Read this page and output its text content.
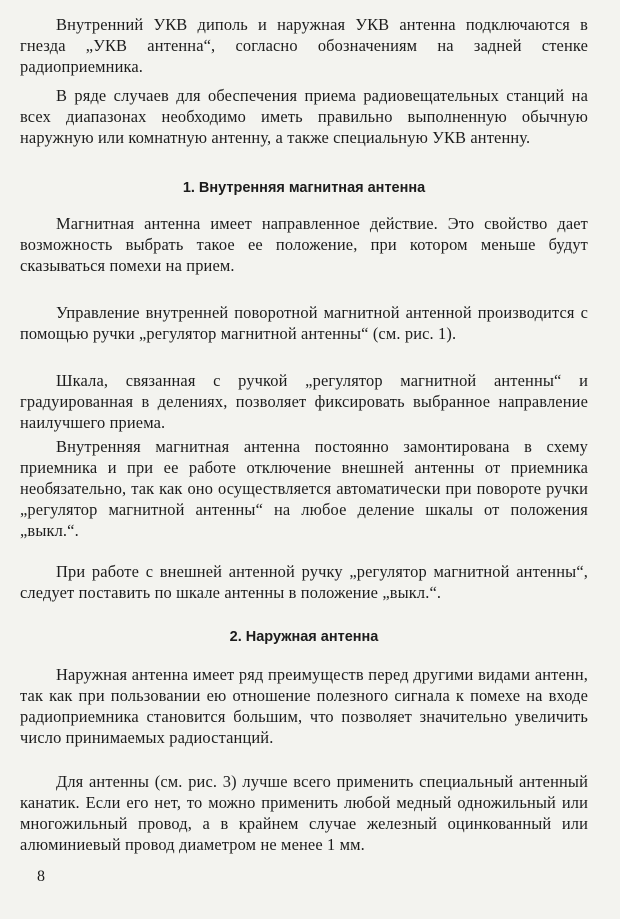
Внутренний УКВ диполь и наружная УКВ антенна подключаются в гнезда „УКВ антенна“, согласно обозначениям на задней стенке радиоприемника.

В ряде случаев для обеспечения приема радиовещательных станций на всех диапазонах необходимо иметь правильно выполненную обычную наружную или комнатную антенну, а также специальную УКВ антенну.

1. Внутренняя магнитная антенна

Магнитная антенна имеет направленное действие. Это свойство дает возможность выбрать такое ее положение, при котором меньше будут сказываться помехи на прием.

Управление внутренней поворотной магнитной антенной производится с помощью ручки „регулятор магнитной антенны“ (см. рис. 1).

Шкала, связанная с ручкой „регулятор магнитной антенны“ и градуированная в делениях, позволяет фиксировать выбранное направление наилучшего приема.

Внутренняя магнитная антенна постоянно замонтирована в схему приемника и при ее работе отключение внешней антенны от приемника необязательно, так как оно осуществляется автоматически при повороте ручки „регулятор магнитной антенны“ на любое деление шкалы от положения „выкл.“.

При работе с внешней антенной ручку „регулятор магнитной антенны“, следует поставить по шкале антенны в положение „выкл.“.

2. Наружная антенна

Наружная антенна имеет ряд преимуществ перед другими видами антенн, так как при пользовании ею отношение полезного сигнала к помехе на входе радиоприемника становится большим, что позволяет значительно увеличить число принимаемых радиостанций.

Для антенны (см. рис. 3) лучше всего применить специальный антенный канатик. Если его нет, то можно применить любой медный одножильный или многожильный провод, а в крайнем случае железный оцинкованный или алюминиевый провод диаметром не менее 1 мм.

8
